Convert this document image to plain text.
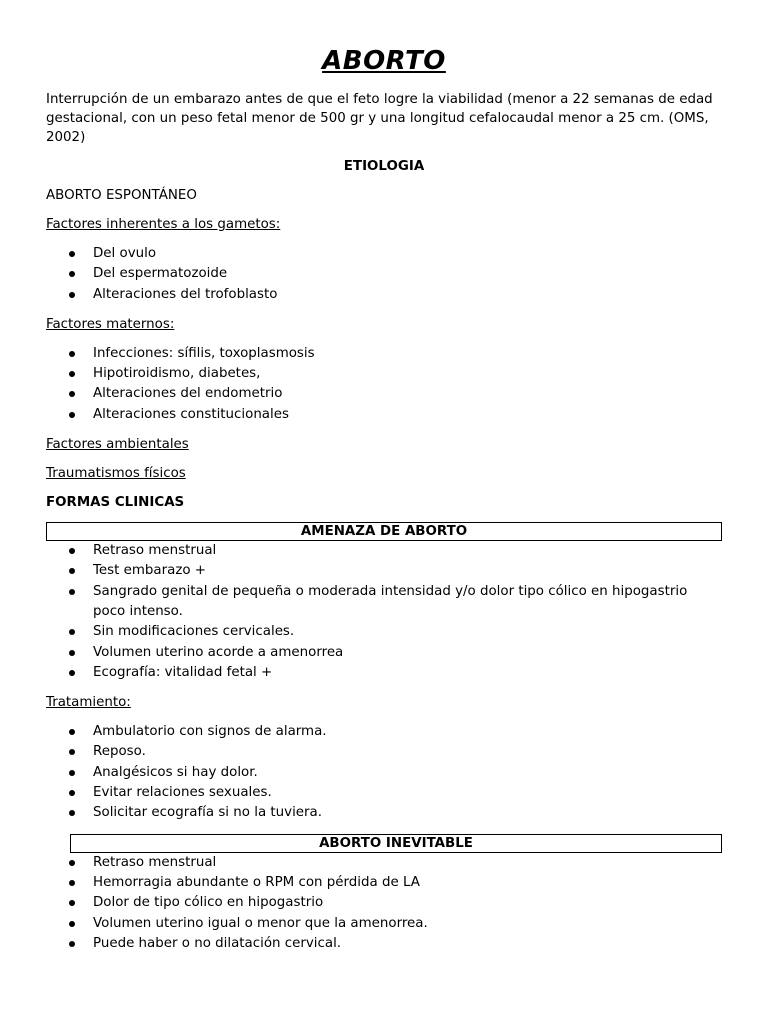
ABORTO

Interrupción de un embarazo antes de que el feto logre la viabilidad (menor a 22 semanas de edad gestacional, con un peso fetal menor de 500 gr y una longitud cefalocaudal menor a 25 cm. (OMS, 2002)

ETIOLOGIA

ABORTO ESPONTÁNEO

Factores inherentes a los gametos:

Del ovulo
Del espermatozoide
Alteraciones del trofoblasto

Factores maternos:

Infecciones: sífilis, toxoplasmosis
Hipotiroidismo, diabetes,
Alteraciones del endometrio
Alteraciones constitucionales

Factores ambientales

Traumatismos físicos

FORMAS CLINICAS

AMENAZA DE ABORTO
Retraso menstrual
Test embarazo +
Sangrado genital de pequeña o moderada intensidad y/o dolor tipo cólico en hipogastrio poco intenso.
Sin modificaciones cervicales.
Volumen uterino acorde a amenorrea
Ecografía: vitalidad fetal +

Tratamiento:

Ambulatorio con signos de alarma.
Reposo.
Analgésicos si hay dolor.
Evitar relaciones sexuales.
Solicitar ecografía si no la tuviera.
ABORTO INEVITABLE
Retraso menstrual
Hemorragia abundante o RPM con pérdida de LA
Dolor de tipo cólico en hipogastrio
Volumen uterino igual o menor que la amenorrea.
Puede haber o no dilatación cervical.
